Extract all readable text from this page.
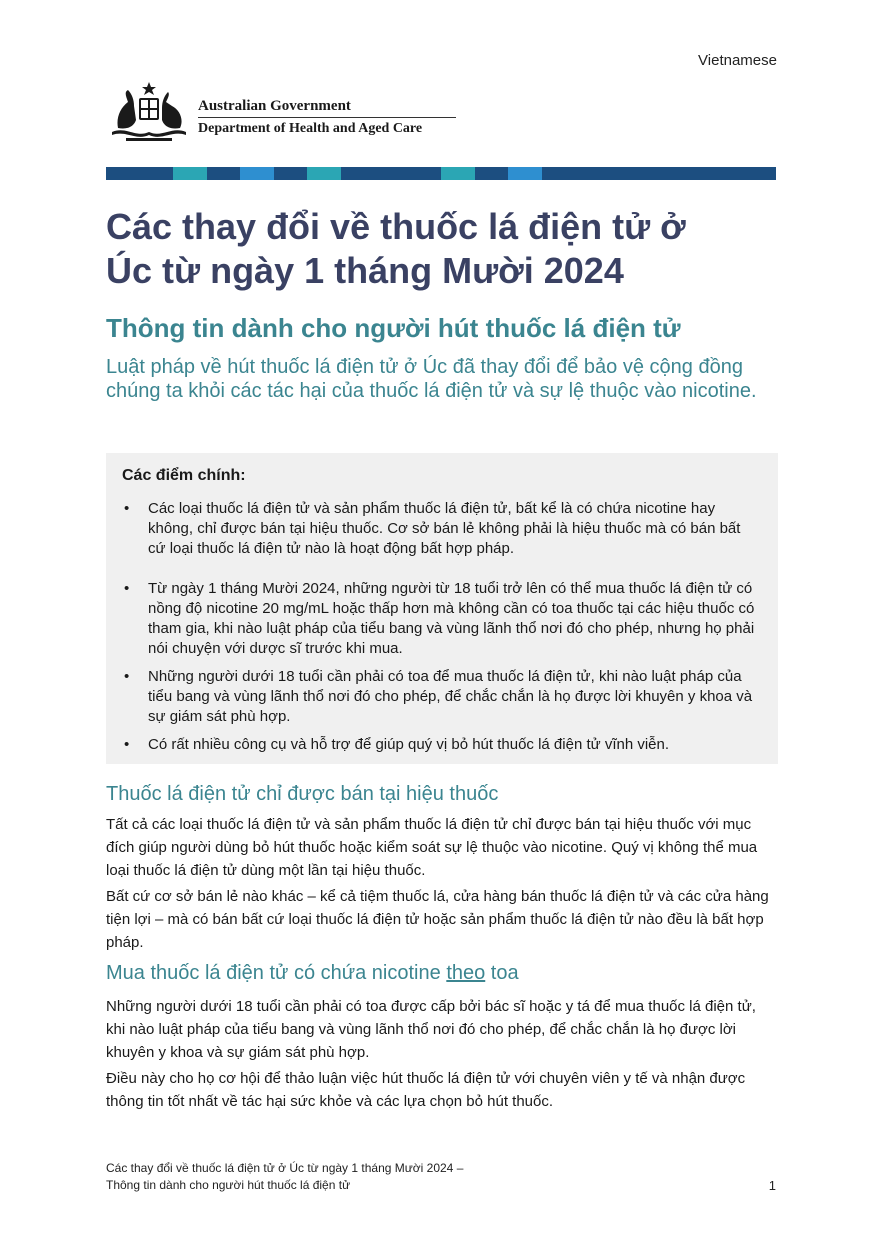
Vietnamese
Australian Government
Department of Health and Aged Care
Các thay đổi về thuốc lá điện tử ở
Úc từ ngày 1 tháng Mười 2024
Thông tin dành cho người hút thuốc lá điện tử

Luật pháp về hút thuốc lá điện tử ở Úc đã thay đổi để bảo vệ cộng đồng chúng ta khỏi các tác hại của thuốc lá điện tử và sự lệ thuộc vào nicotine.

Các điểm chính:

• Các loại thuốc lá điện tử và sản phẩm thuốc lá điện tử, bất kể là có chứa nicotine hay không, chỉ được bán tại hiệu thuốc. Cơ sở bán lẻ không phải là hiệu thuốc mà có bán bất cứ loại thuốc lá điện tử nào là hoạt động bất hợp pháp.
• Từ ngày 1 tháng Mười 2024, những người từ 18 tuổi trở lên có thể mua thuốc lá điện tử có nồng độ nicotine 20 mg/mL hoặc thấp hơn mà không cần có toa thuốc tại các hiệu thuốc có tham gia, khi nào luật pháp của tiểu bang và vùng lãnh thổ nơi đó cho phép, nhưng họ phải nói chuyện với dược sĩ trước khi mua.
• Những người dưới 18 tuổi cần phải có toa để mua thuốc lá điện tử, khi nào luật pháp của tiểu bang và vùng lãnh thổ nơi đó cho phép, để chắc chắn là họ được lời khuyên y khoa và sự giám sát phù hợp.
• Có rất nhiều công cụ và hỗ trợ để giúp quý vị bỏ hút thuốc lá điện tử vĩnh viễn.
Thuốc lá điện tử chỉ được bán tại hiệu thuốc

Tất cả các loại thuốc lá điện tử và sản phẩm thuốc lá điện tử chỉ được bán tại hiệu thuốc với mục đích giúp người dùng bỏ hút thuốc hoặc kiểm soát sự lệ thuộc vào nicotine. Quý vị không thể mua loại thuốc lá điện tử dùng một lần tại hiệu thuốc.

Bất cứ cơ sở bán lẻ nào khác – kể cả tiệm thuốc lá, cửa hàng bán thuốc lá điện tử và các cửa hàng tiện lợi – mà có bán bất cứ loại thuốc lá điện tử hoặc sản phẩm thuốc lá điện tử nào đều là bất hợp pháp.

Mua thuốc lá điện tử có chứa nicotine theo toa

Những người dưới 18 tuổi cần phải có toa được cấp bởi bác sĩ hoặc y tá để mua thuốc lá điện tử, khi nào luật pháp của tiểu bang và vùng lãnh thổ nơi đó cho phép, để chắc chắn là họ được lời khuyên y khoa và sự giám sát phù hợp.

Điều này cho họ cơ hội để thảo luận việc hút thuốc lá điện tử với chuyên viên y tế và nhận được thông tin tốt nhất về tác hại sức khỏe và các lựa chọn bỏ hút thuốc.

Các thay đổi về thuốc lá điện tử ở Úc từ ngày 1 tháng Mười 2024 –
Thông tin dành cho người hút thuốc lá điện tử	1
